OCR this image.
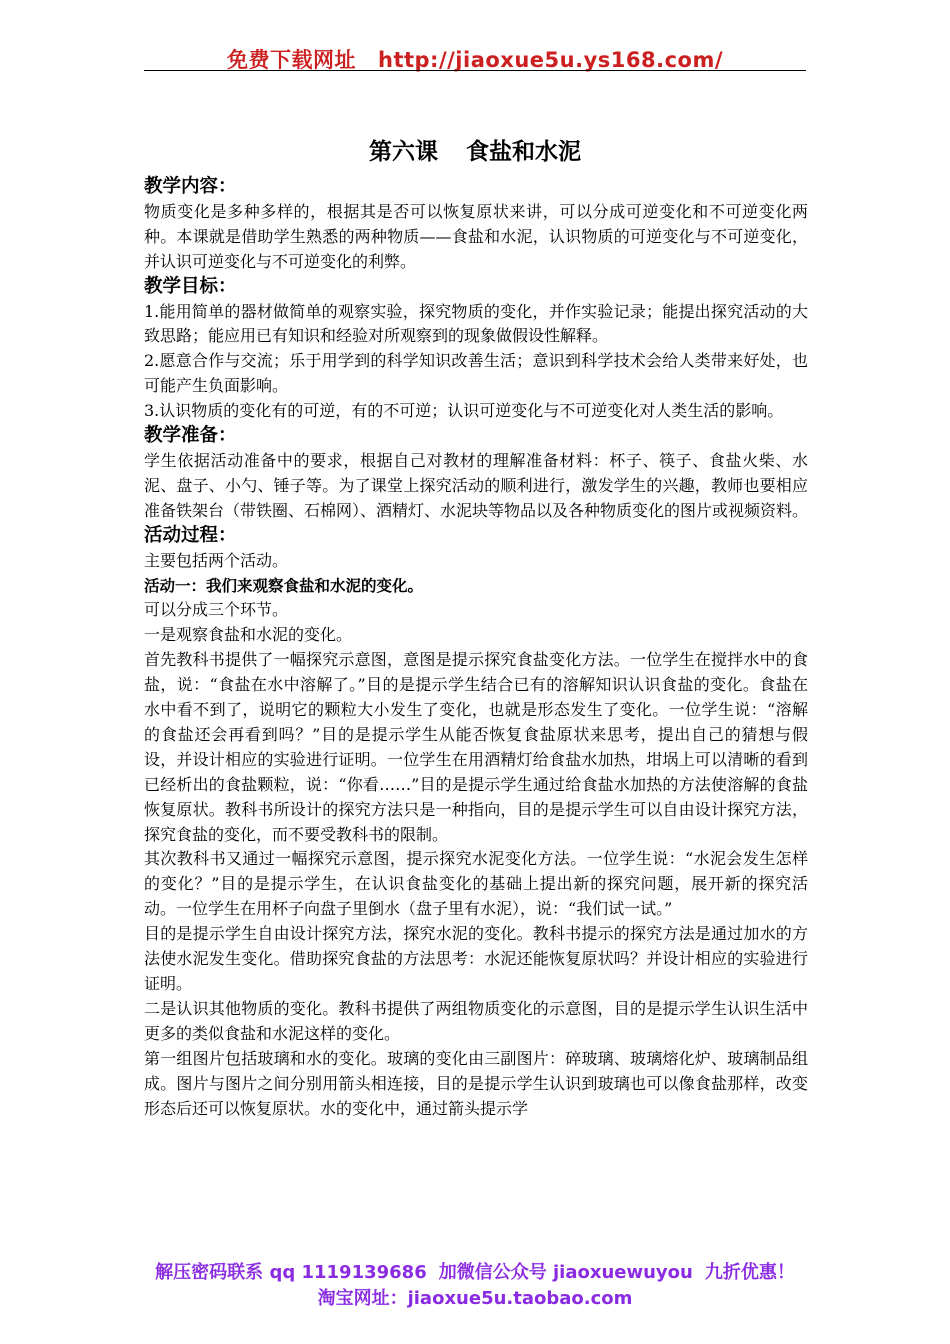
免费下载网址 http://jiaoxue5u.ys168.com/
第六课 食盐和水泥

教学内容：

物质变化是多种多样的，根据其是否可以恢复原状来讲，可以分成可逆变化和不可逆变化两种。本课就是借助学生熟悉的两种物质——食盐和水泥，认识物质的可逆变化与不可逆变化，并认识可逆变化与不可逆变化的利弊。

教学目标：

1.能用简单的器材做简单的观察实验，探究物质的变化，并作实验记录；能提出探究活动的大致思路；能应用已有知识和经验对所观察到的现象做假设性解释。

2.愿意合作与交流；乐于用学到的科学知识改善生活；意识到科学技术会给人类带来好处，也可能产生负面影响。

3.认识物质的变化有的可逆，有的不可逆；认识可逆变化与不可逆变化对人类生活的影响。

教学准备：

学生依据活动准备中的要求，根据自己对教材的理解准备材料：杯子、筷子、食盐火柴、水泥、盘子、小勺、锤子等。为了课堂上探究活动的顺利进行，激发学生的兴趣，教师也要相应准备铁架台（带铁圈、石棉网）、酒精灯、水泥块等物品以及各种物质变化的图片或视频资料。

活动过程：

主要包括两个活动。

活动一：我们来观察食盐和水泥的变化。

可以分成三个环节。

一是观察食盐和水泥的变化。

首先教科书提供了一幅探究示意图，意图是提示探究食盐变化方法。一位学生在搅拌水中的食盐，说：“食盐在水中溶解了。”目的是提示学生结合已有的溶解知识认识食盐的变化。食盐在水中看不到了，说明它的颗粒大小发生了变化，也就是形态发生了变化。一位学生说：“溶解的食盐还会再看到吗？”目的是提示学生从能否恢复食盐原状来思考，提出自己的猜想与假设，并设计相应的实验进行证明。一位学生在用酒精灯给食盐水加热，坩埚上可以清晰的看到已经析出的食盐颗粒，说：“你看……”目的是提示学生通过给食盐水加热的方法使溶解的食盐恢复原状。教科书所设计的探究方法只是一种指向，目的是提示学生可以自由设计探究方法，探究食盐的变化，而不要受教科书的限制。

其次教科书又通过一幅探究示意图，提示探究水泥变化方法。一位学生说：“水泥会发生怎样的变化？”目的是提示学生，在认识食盐变化的基础上提出新的探究问题，展开新的探究活动。一位学生在用杯子向盘子里倒水（盘子里有水泥），说：“我们试一试。”

目的是提示学生自由设计探究方法，探究水泥的变化。教科书提示的探究方法是通过加水的方法使水泥发生变化。借助探究食盐的方法思考：水泥还能恢复原状吗？并设计相应的实验进行证明。

二是认识其他物质的变化。教科书提供了两组物质变化的示意图，目的是提示学生认识生活中更多的类似食盐和水泥这样的变化。

第一组图片包括玻璃和水的变化。玻璃的变化由三副图片：碎玻璃、玻璃熔化炉、玻璃制品组成。图片与图片之间分别用箭头相连接，目的是提示学生认识到玻璃也可以像食盐那样，改变形态后还可以恢复原状。水的变化中，通过箭头提示学

解压密码联系 qq 1119139686 加微信公众号 jiaoxuewuyou 九折优惠！
淘宝网址：jiaoxue5u.taobao.com
